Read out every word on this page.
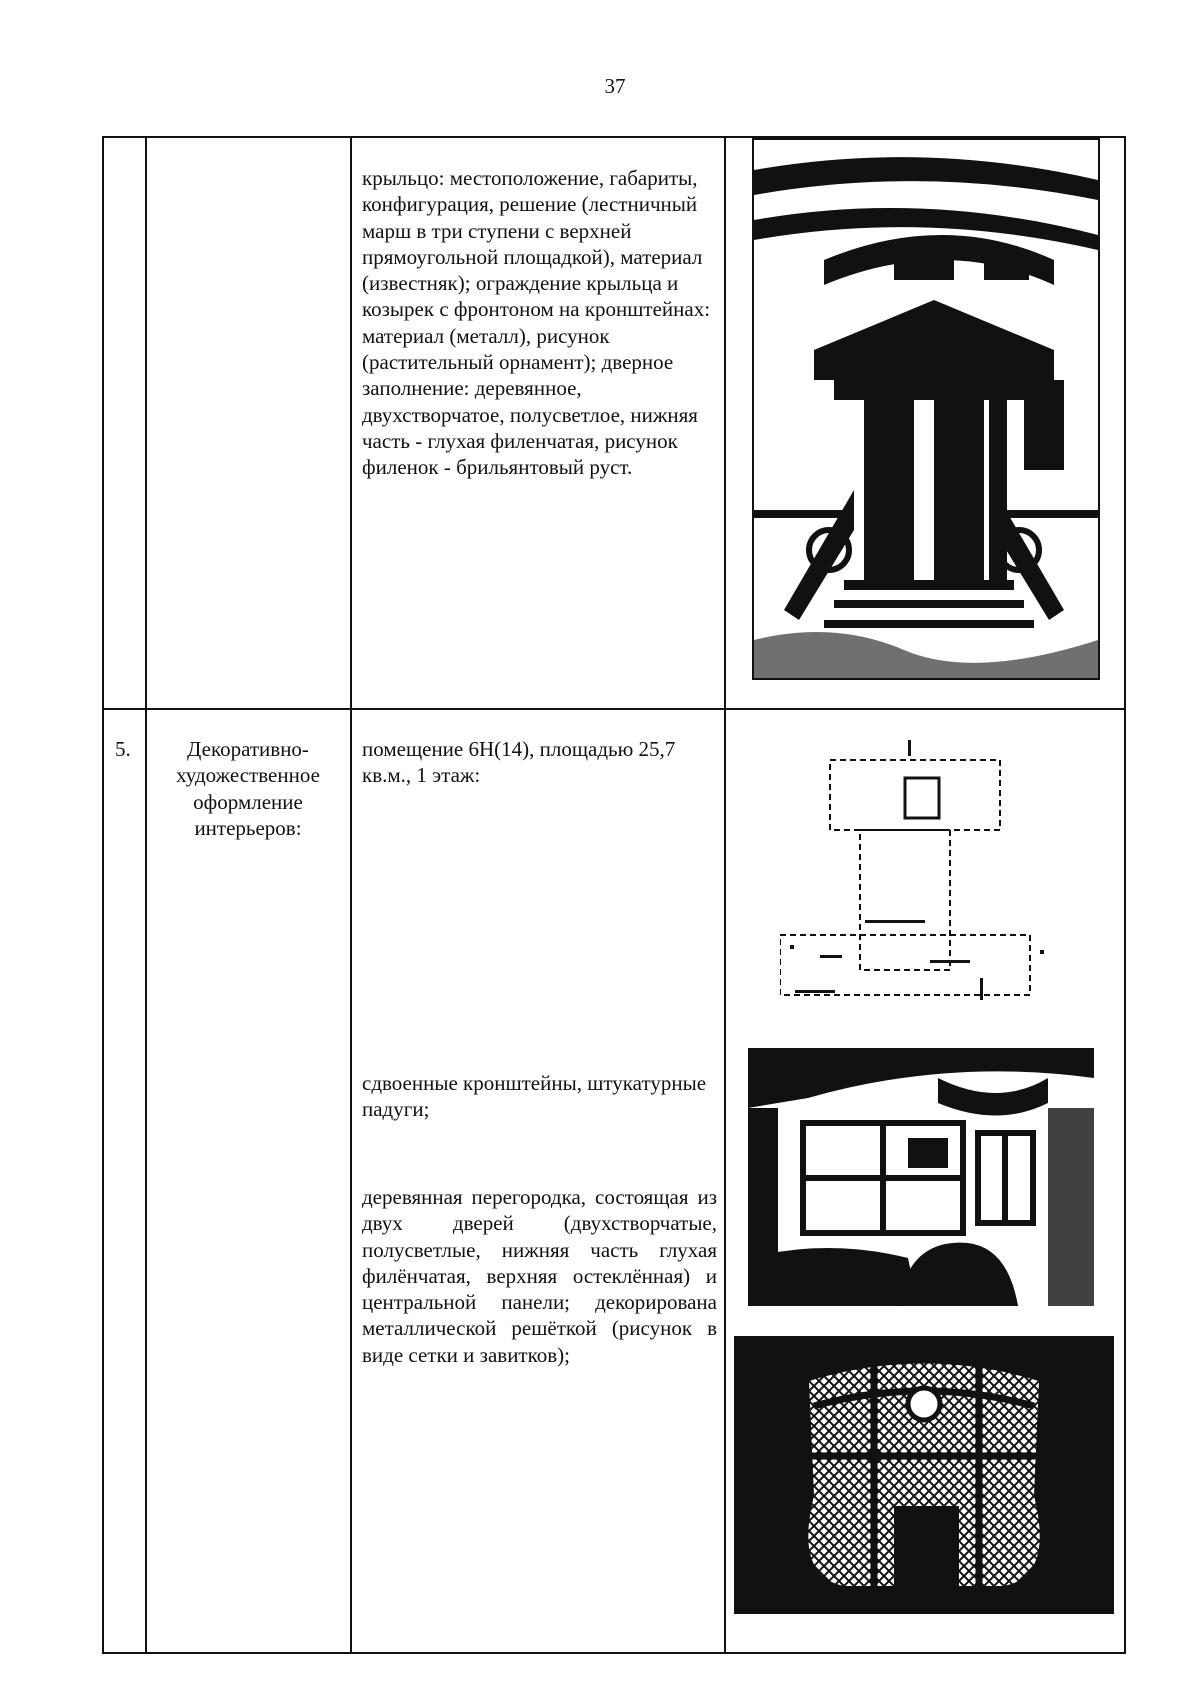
37
крыльцо: местоположение, габариты, конфигурация, решение (лестничный марш в три ступени с верхней прямоугольной площадкой), материал (известняк); ограждение крыльца и козырек с фронтоном на кронштейнах: материал (металл), рисунок (растительный орнамент); дверное заполнение: деревянное, двухстворчатое, полусветлое, нижняя часть - глухая филенчатая, рисунок филенок - брильянтовый руст.
5.	Декоративно-художественное оформление интерьеров:
помещение 6Н(14), площадью 25,7 кв.м., 1 этаж:
сдвоенные кронштейны, штукатурные падуги;
деревянная перегородка, состоящая из двух дверей (двухстворчатые, полусветлые, нижняя часть глухая филёнчатая, верхняя остеклённая) и центральной панели; декорирована металлической решёткой (рисунок в виде сетки и завитков);
